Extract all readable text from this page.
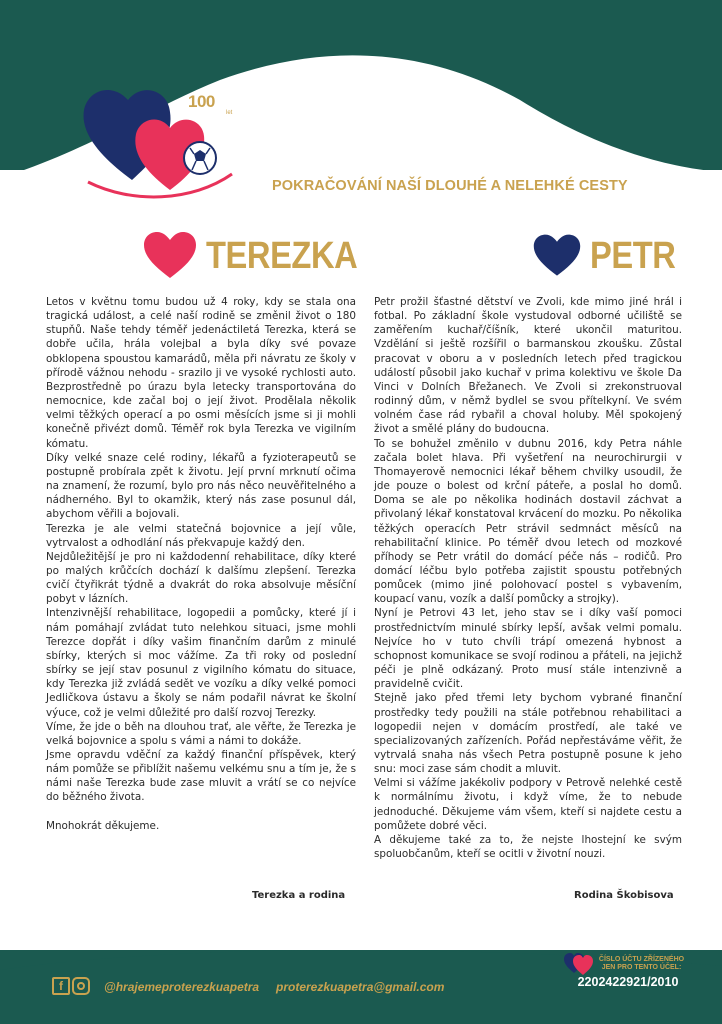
100
let
POKRAČOVÁNÍ NAŠÍ DLOUHÉ A NELEHKÉ CESTY
TEREZKA	PETR

Letos v květnu tomu budou už 4 roky, kdy se stala ona tragická událost, a celé naší rodině se změnil život o 180 stupňů. Naše tehdy téměř jedenáctiletá Terezka, která se dobře učila, hrála volejbal a byla díky své povaze obklopena spoustou kamarádů, měla při návratu ze školy v přírodě vážnou nehodu - srazilo ji ve vysoké rychlosti auto. Bezprostředně po úrazu byla letecky transportována do nemocnice, kde začal boj o její život. Prodělala několik velmi těžkých operací a po osmi měsících jsme si ji mohli konečně přivézt domů. Téměř rok byla Terezka ve vigilním kómatu.

Díky velké snaze celé rodiny, lékařů a fyzioterapeutů se postupně probírala zpět k životu. Její první mrknutí očima na znamení, že rozumí, bylo pro nás něco neuvěřitelného a nádherného. Byl to okamžik, který nás zase posunul dál, abychom věřili a bojovali.

Terezka je ale velmi statečná bojovnice a její vůle, vytrvalost a odhodlání nás překvapuje každý den.

Nejdůležitější je pro ni každodenní rehabilitace, díky které po malých krůčcích dochází k dalšímu zlepšení. Terezka cvičí čtyřikrát týdně a dvakrát do roka absolvuje měsíční pobyt v lázních.

Intenzivnější rehabilitace, logopedii a pomůcky, které jí i nám pomáhají zvládat tuto nelehkou situaci, jsme mohli Terezce dopřát i díky vašim finančním darům z minulé sbírky, kterých si moc vážíme. Za tři roky od poslední sbírky se její stav posunul z vigilního kómatu do situace, kdy Terezka již zvládá sedět ve vozíku a díky velké pomoci Jedličkova ústavu a školy se nám podařil návrat ke školní výuce, což je velmi důležité pro další rozvoj Terezky.

Víme, že jde o běh na dlouhou trať, ale věřte, že Terezka je velká bojovnice a spolu s vámi a námi to dokáže.

Jsme opravdu vděční za každý finanční příspěvek, který nám pomůže se přiblížit našemu velkému snu a tím je, že s námi naše Terezka bude zase mluvit a vrátí se co nejvíce do běžného života.

Mnohokrát děkujeme.

Petr prožil šťastné dětství ve Zvoli, kde mimo jiné hrál i fotbal. Po základní škole vystudoval odborné učiliště se zaměřením kuchař/číšník, které ukončil maturitou. Vzdělání si ještě rozšířil o barmanskou zkoušku. Zůstal pracovat v oboru a v posledních letech před tragickou událostí působil jako kuchař v prima kolektivu ve škole Da Vinci v Dolních Břežanech. Ve Zvoli si zrekonstruoval rodinný dům, v němž bydlel se svou přítelkyní. Ve svém volném čase rád rybařil a choval holuby. Měl spokojený život a smělé plány do budoucna.

To se bohužel změnilo v dubnu 2016, kdy Petra náhle začala bolet hlava. Při vyšetření na neurochirurgii v Thomayerově nemocnici lékař během chvilky usoudil, že jde pouze o bolest od krční páteře, a poslal ho domů. Doma se ale po několika hodinách dostavil záchvat a přivolaný lékař konstatoval krvácení do mozku. Po několika těžkých operacích Petr strávil sedmnáct měsíců na rehabilitační klinice. Po téměř dvou letech od mozkové příhody se Petr vrátil do domácí péče nás – rodičů. Pro domácí léčbu bylo potřeba zajistit spoustu potřebných pomůcek (mimo jiné polohovací postel s vybavením, koupací vanu, vozík a další pomůcky a strojky).

Nyní je Petrovi 43 let, jeho stav se i díky vaší pomoci prostřednictvím minulé sbírky lepší, avšak velmi pomalu. Nejvíce ho v tuto chvíli trápí omezená hybnost a schopnost komunikace se svojí rodinou a přáteli, na jejichž péči je plně odkázaný. Proto musí stále intenzivně a pravidelně cvičit.

Stejně jako před třemi lety bychom vybrané finanční prostředky tedy použili na stále potřebnou rehabilitaci a logopedii nejen v domácím prostředí, ale také ve specializovaných zařízeních. Pořád nepřestáváme věřit, že vytrvalá snaha nás všech Petra postupně posune k jeho snu: moci zase sám chodit a mluvit.

Velmi si vážíme jakékoliv podpory v Petrově nelehké cestě k normálnímu životu, i když víme, že to nebude jednoduché. Děkujeme vám všem, kteří si najdete cestu a pomůžete dobré věci.

A děkujeme také za to, že nejste lhostejní ke svým spoluobčanům, kteří se ocitli v životní nouzi.

Terezka a rodina	Rodina Škobisova
f	@hrajemeproterezkuapetra proterezkuapetra@gmail.com
ČÍSLO ÚČTU ZŘÍZENÉHO JEN PRO TENTO ÚČEL:
2202422921/2010
